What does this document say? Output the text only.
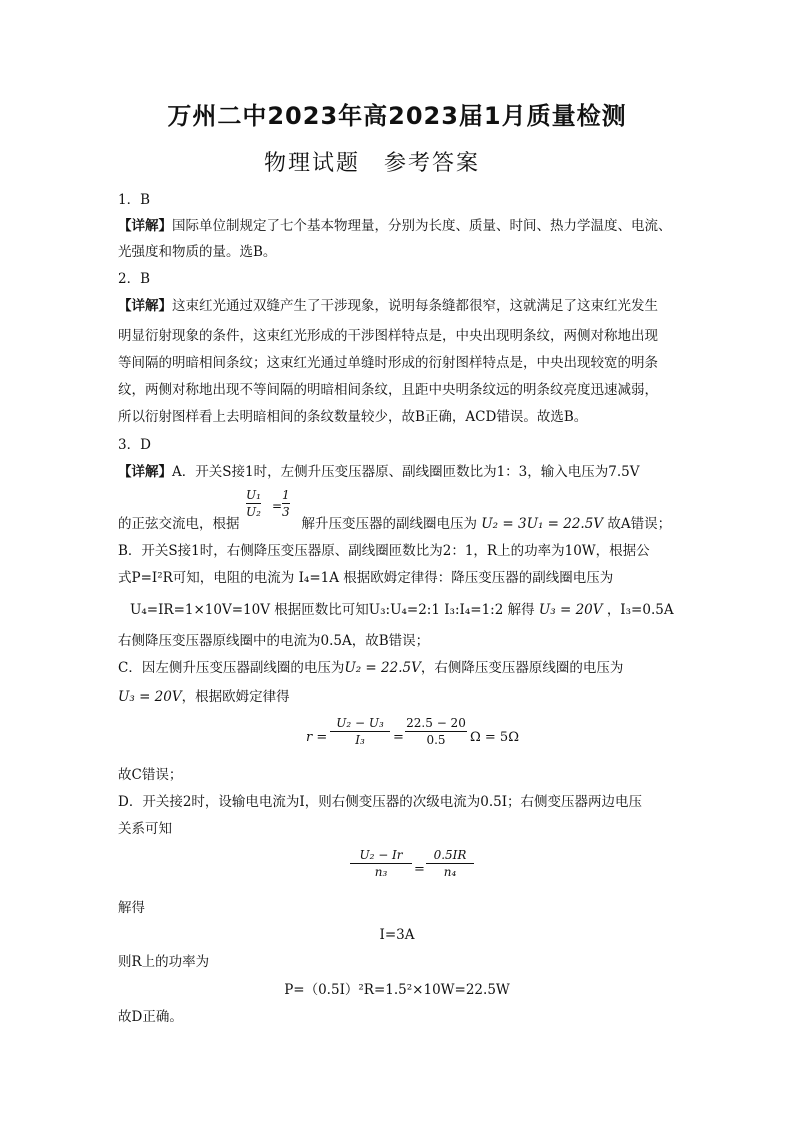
万州二中2023年高2023届1月质量检测
物理试题　参考答案
1．B
【详解】国际单位制规定了七个基本物理量，分别为长度、质量、时间、热力学温度、电流、
光强度和物质的量。选B。
2．B
【详解】这束红光通过双缝产生了干涉现象，说明每条缝都很窄，这就满足了这束红光发生
明显衍射现象的条件，这束红光形成的干涉图样特点是，中央出现明条纹，两侧对称地出现
等间隔的明暗相间条纹；这束红光通过单缝时形成的衍射图样特点是，中央出现较宽的明条
纹，两侧对称地出现不等间隔的明暗相间条纹，且距中央明条纹远的明条纹亮度迅速减弱，
所以衍射图样看上去明暗相间的条纹数量较少，故B正确，ACD错误。故选B。
3．D
【详解】A．开关S接1时，左侧升压变压器原、副线圈匝数比为1：3，输入电压为7.5V
U₁
U₂ =
1
3
的正弦交流电，根据	解升压变压器的副线圈电压为 U₂ = 3U₁ = 22.5V 故A错误；
B．开关S接1时，右侧降压变压器原、副线圈匝数比为2：1，R上的功率为10W，根据公
式P=I²R可知，电阻的电流为 I₄=1A 根据欧姆定律得：降压变压器的副线圈电压为
U₄=IR=1×10V=10V 根据匝数比可知U₃:U₄=2:1 I₃:I₄=1:2 解得 U₃ = 20V ，I₃=0.5A
右侧降压变压器原线圈中的电流为0.5A，故B错误；
C．因左侧升压变压器副线圈的电压为U₂ = 22.5V，右侧降压变压器原线圈的电压为
U₃ = 20V，根据欧姆定律得
r =
U₂ − U₃
I₃	=
22.5 − 20
0.5	Ω = 5Ω
故C错误；
D．开关接2时，设输电电流为I，则右侧变压器的次级电流为0.5I；右侧变压器两边电压
关系可知
U₂ − Ir
n₃	=
0.5IR
n₄
解得
I=3A
则R上的功率为
P=（0.5I）²R=1.5²×10W=22.5W
故D正确。
